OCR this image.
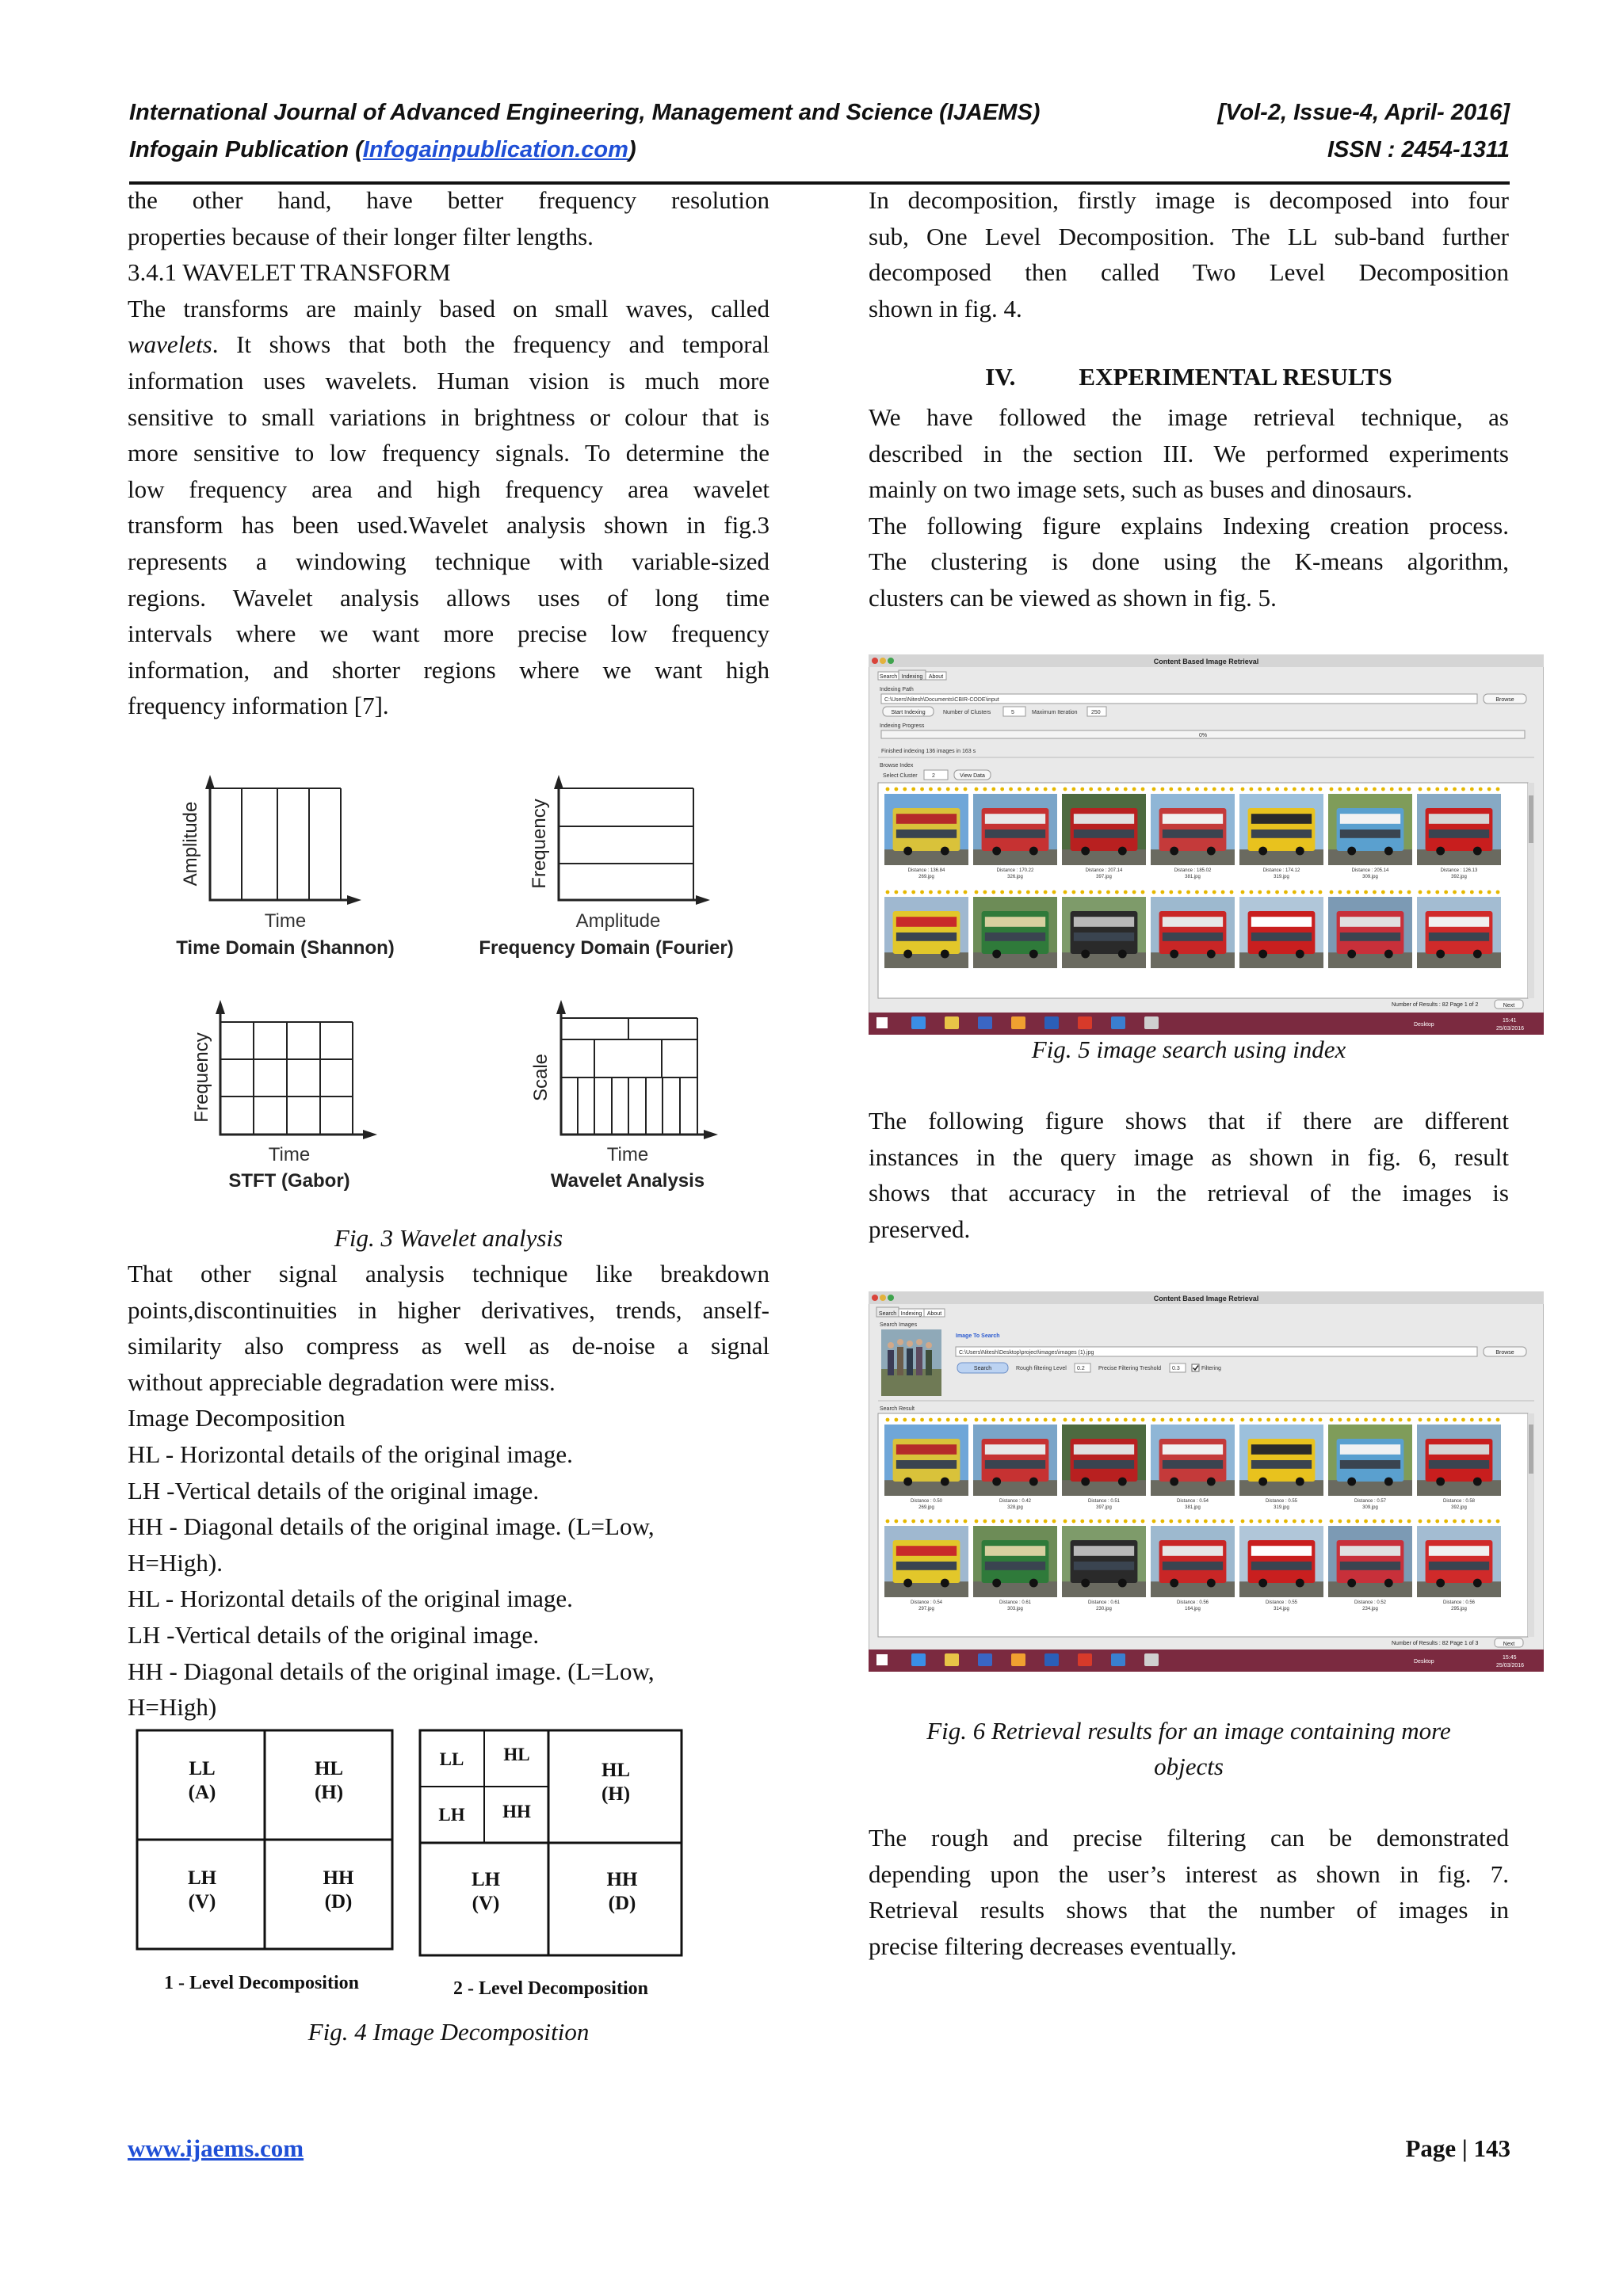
International Journal of Advanced Engineering, Management and Science (IJAEMS)	[Vol-2, Issue-4, April- 2016]
Infogain Publication (Infogainpublication.com)	ISSN : 2454-1311

the other hand, have better frequency resolution

properties because of their longer filter lengths.

3.4.1 WAVELET TRANSFORM

The transforms are mainly based on small waves, called

wavelets. It shows that both the frequency and temporal

information uses wavelets. Human vision is much more

sensitive to small variations in brightness or colour that is

more sensitive to low frequency signals. To determine the

low frequency area and high frequency area wavelet

transform has been used.Wavelet analysis shown in fig.3

represents a windowing technique with variable-sized

regions. Wavelet analysis allows uses of long time

intervals where we want more precise low frequency

information, and shorter regions where we want high

frequency information [7].

Amplitude
Time
Time Domain (Shannon)
Frequency
Amplitude
Frequency Domain (Fourier)
Frequency
Time
STFT (Gabor)
Scale
Time
Wavelet Analysis
Fig. 3 Wavelet analysis

That other signal analysis technique like breakdown

points,discontinuities in higher derivatives, trends, anself-

similarity also compress as well as de-noise a signal

without appreciable degradation were miss.

Image Decomposition

HL - Horizontal details of the original image.

LH -Vertical details of the original image.

HH - Diagonal details of the original image. (L=Low,

H=High).

HL - Horizontal details of the original image.

LH -Vertical details of the original image.

HH - Diagonal details of the original image. (L=Low,

H=High)

LL
(A)
HL
(H)
LH
(V)
HH
(D)
1 - Level Decomposition
LL HL
LH HH
HL
(H)
LH
(V)
HH
(D)
2 - Level Decomposition
Fig. 4 Image Decomposition

In decomposition, firstly image is decomposed into four

sub, One Level Decomposition. The LL sub-band further

decomposed then called Two Level Decomposition

shown in fig. 4.

IV.	EXPERIMENTAL RESULTS

We have followed the image retrieval technique, as

described in the section III. We performed experiments

mainly on two image sets, such as buses and dinosaurs.

The following figure explains Indexing creation process.

The clustering is done using the K-means algorithm,

clusters can be viewed as shown in fig. 5.

Content Based Image Retrieval
Search Indexing About
Indexing Path
C:\Users\Nitesh\Documents\CBIR-CODE\input	Browse
Start Indexing	Number of Clusters	5	Maximum Iteration 250
Indexing Progress
0%
Finished indexing 136 images in 163 s
Browse Index
Select Cluster	2	View Data
Distance : 136.84
269.jpg
Distance : 170.22
326.jpg
Distance : 207.14
397.jpg
Distance : 185.02
381.jpg
Distance : 174.12
319.jpg
Distance : 205.14
309.jpg
Distance : 126.13
392.jpg
Number of Results : 82 Page 1 of 2	Next
Desktop
15:41
25/03/2016
Fig. 5 image search using index

The following figure shows that if there are different

instances in the query image as shown in fig. 6, result

shows that accuracy in the retrieval of the images is

preserved.

Content Based Image Retrieval
Search Indexing About
Search Images
Image To Search
C:\Users\Nitesh\Desktop\project\images\images (1).jpg	Browse
Search	Rough filtering Level 0.2 Precise Filtering Treshold 0.3	Filtering
Search Result
Distance : 0.50
269.jpg
Distance : 0.42
328.jpg
Distance : 0.51
397.jpg
Distance : 0.54
381.jpg
Distance : 0.55
319.jpg
Distance : 0.57
309.jpg
Distance : 0.58
392.jpg
Distance : 0.54
297.jpg
Distance : 0.61
303.jpg
Distance : 0.61
230.jpg
Distance : 0.56
164.jpg
Distance : 0.55
314.jpg
Distance : 0.52
234.jpg
Distance : 0.56
295.jpg
Number of Results : 82 Page 1 of 3	Next
Desktop
15:45
25/03/2016
Fig. 6 Retrieval results for an image containing more
objects

The rough and precise filtering can be demonstrated

depending upon the user’s interest as shown in fig. 7.

Retrieval results shows that the number of images in

precise filtering decreases eventually.

www.ijaems.com	Page | 143
